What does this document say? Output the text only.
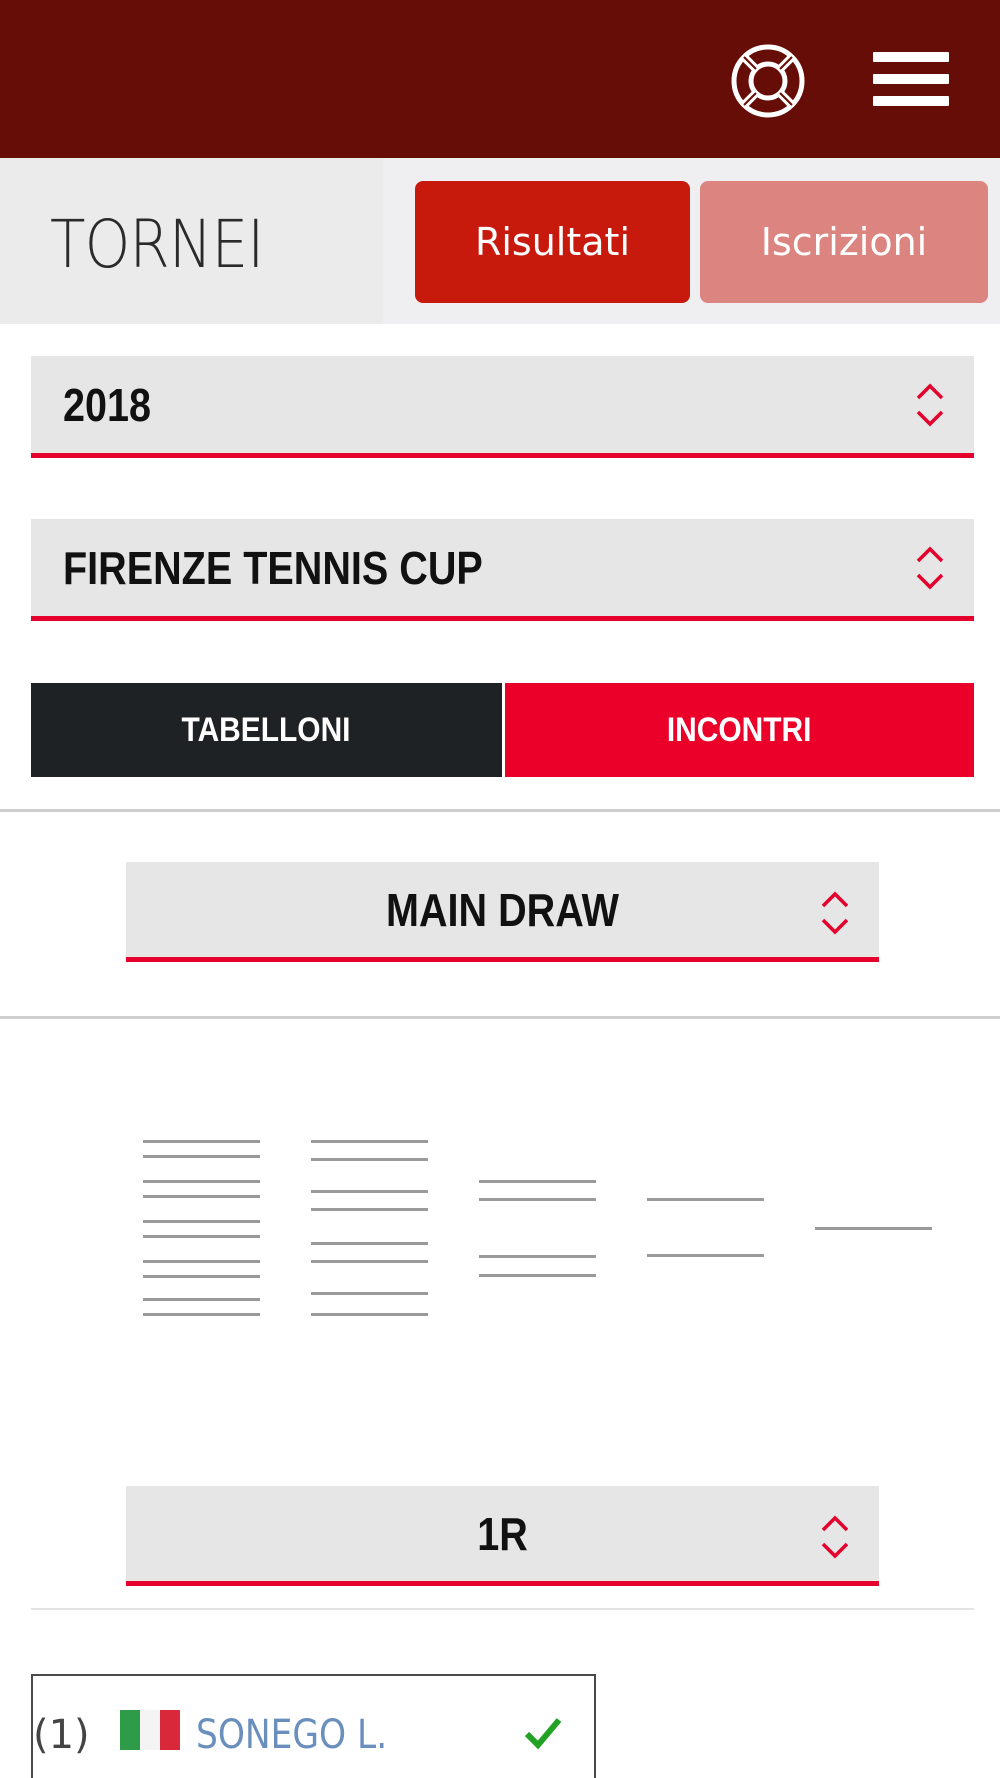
TORNEI	Risultati	Iscrizioni
2018
FIRENZE TENNIS CUP
TABELLONI	INCONTRI
MAIN DRAW
1R
(1)	SONEGO L.
